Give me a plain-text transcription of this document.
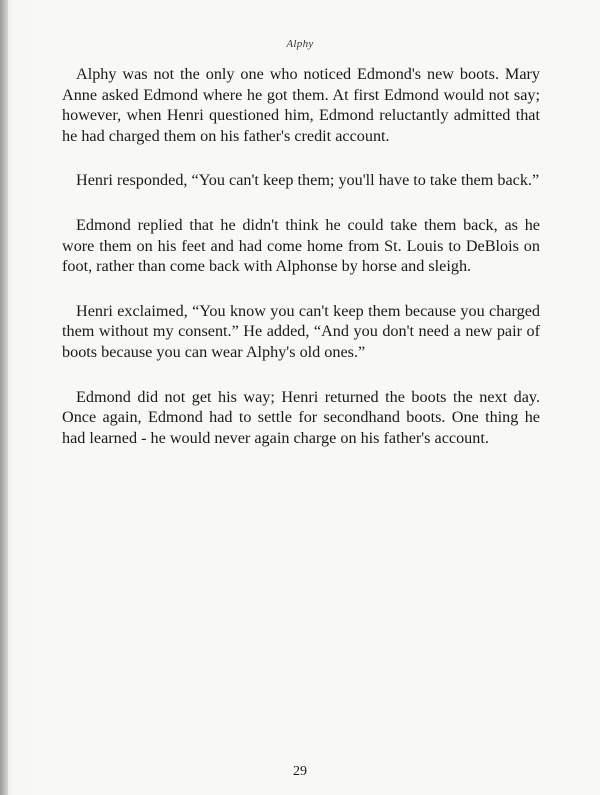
Alphy

Alphy was not the only one who noticed Edmond's new boots. Mary Anne asked Edmond where he got them. At first Edmond would not say; however, when Henri questioned him, Edmond reluctantly admitted that he had charged them on his father's credit account.

Henri responded, “You can't keep them; you'll have to take them back.”

Edmond replied that he didn't think he could take them back, as he wore them on his feet and had come home from St. Louis to DeBlois on foot, rather than come back with Alphonse by horse and sleigh.

Henri exclaimed, “You know you can't keep them because you charged them without my consent.” He added, “And you don't need a new pair of boots because you can wear Alphy's old ones.”

Edmond did not get his way; Henri returned the boots the next day. Once again, Edmond had to settle for secondhand boots. One thing he had learned - he would never again charge on his father's account.

29
